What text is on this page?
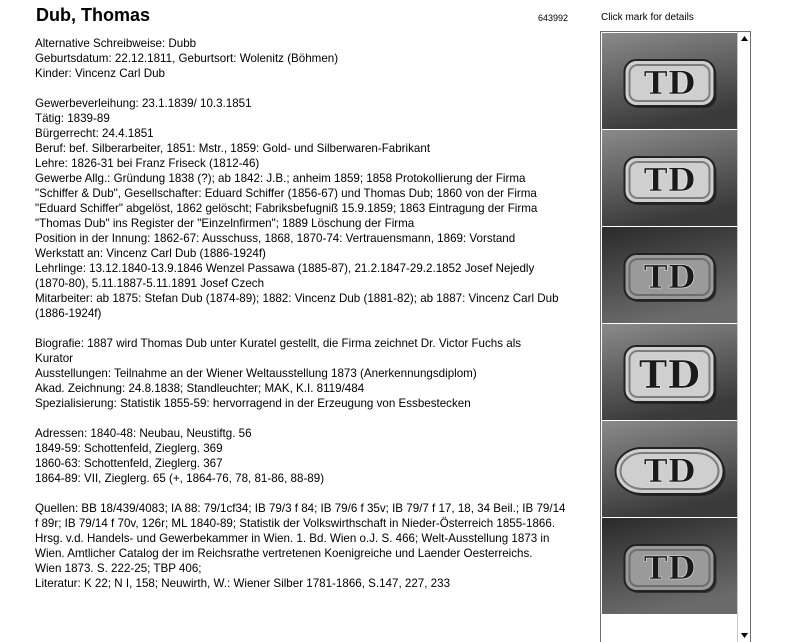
Dub, Thomas	643992	Click mark for details
Alternative Schreibweise: Dubb
Geburtsdatum: 22.12.1811, Geburtsort: Wolenitz (Böhmen)
Kinder: Vincenz Carl Dub
Gewerbeverleihung: 23.1.1839/ 10.3.1851
Tätig: 1839-89
Bürgerrecht: 24.4.1851
Beruf: bef. Silberarbeiter, 1851: Mstr., 1859: Gold- und Silberwaren-Fabrikant
Lehre: 1826-31 bei Franz Friseck (1812-46)
Gewerbe Allg.: Gründung 1838 (?); ab 1842: J.B.; anheim 1859; 1858 Protokollierung der Firma
"Schiffer & Dub", Gesellschafter: Eduard Schiffer (1856-67) und Thomas Dub; 1860 von der Firma
"Eduard Schiffer" abgelöst, 1862 gelöscht; Fabriksbefugniß 15.9.1859; 1863 Eintragung der Firma
"Thomas Dub" ins Register der "Einzelnfirmen"; 1889 Löschung der Firma
Position in der Innung: 1862-67: Ausschuss, 1868, 1870-74: Vertrauensmann, 1869: Vorstand
Werkstatt an: Vincenz Carl Dub (1886-1924f)
Lehrlinge: 13.12.1840-13.9.1846 Wenzel Passawa (1885-87), 21.2.1847-29.2.1852 Josef Nejedly
(1870-80), 5.11.1887-5.11.1891 Josef Czech
Mitarbeiter: ab 1875: Stefan Dub (1874-89); 1882: Vincenz Dub (1881-82); ab 1887: Vincenz Carl Dub
(1886-1924f)
Biografie: 1887 wird Thomas Dub unter Kuratel gestellt, die Firma zeichnet Dr. Victor Fuchs als
Kurator
Ausstellungen: Teilnahme an der Wiener Weltausstellung 1873 (Anerkennungsdiplom)
Akad. Zeichnung: 24.8.1838; Standleuchter; MAK, K.I. 8119/484
Spezialisierung: Statistik 1855-59: hervorragend in der Erzeugung von Essbestecken
Adressen: 1840-48: Neubau, Neustiftg. 56
1849-59: Schottenfeld, Zieglerg. 369
1860-63: Schottenfeld, Zieglerg. 367
1864-89: VII, Zieglerg. 65 (+, 1864-76, 78, 81-86, 88-89)
Quellen: BB 18/439/4083; IA 88: 79/1cf34; IB 79/3 f 84; IB 79/6 f 35v; IB 79/7 f 17, 18, 34 Beil.; IB 79/14
f 89r; IB 79/14 f 70v, 126r; ML 1840-89; Statistik der Volkswirthschaft in Nieder-Österreich 1855-1866.
Hrsg. v.d. Handels- und Gewerbekammer in Wien. 1. Bd. Wien o.J. S. 466; Welt-Ausstellung 1873 in
Wien. Amtlicher Catalog der im Reichsrathe vertretenen Koenigreiche und Laender Oesterreichs.
Wien 1873. S. 222-25; TBP 406;
Literatur: K 22; N I, 158; Neuwirth, W.: Wiener Silber 1781-1866, S.147, 227, 233
TD
TD
TD
TD
TD
TD
